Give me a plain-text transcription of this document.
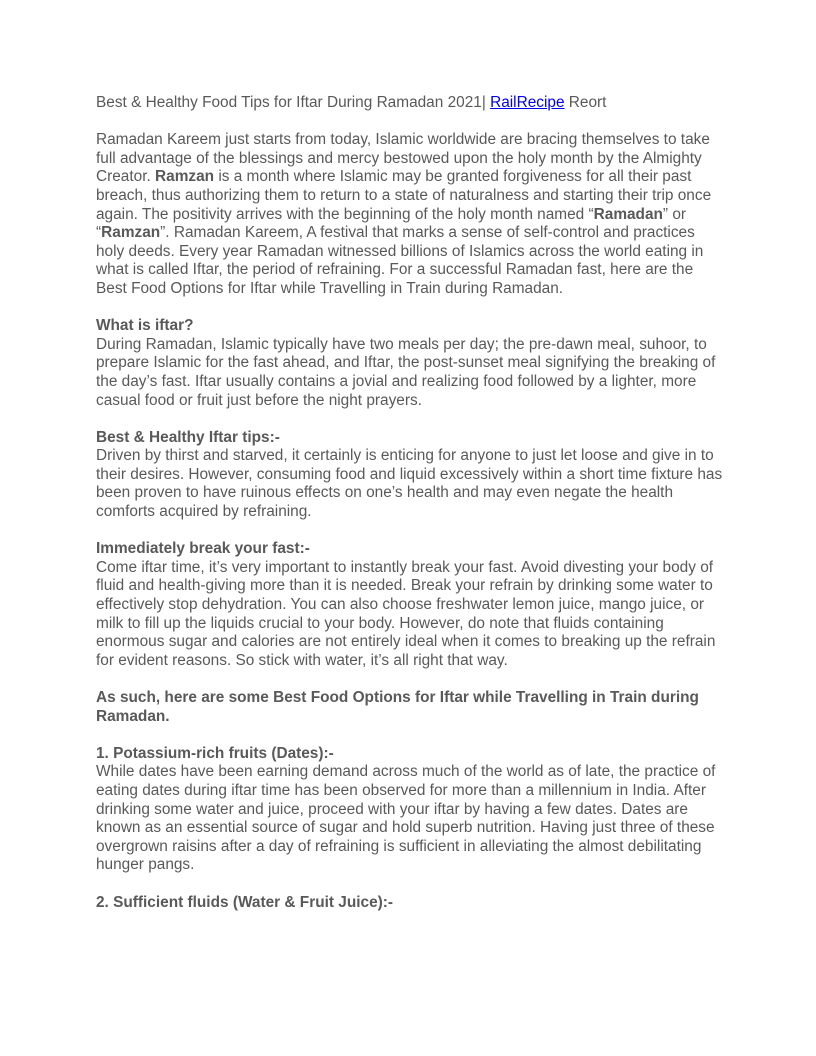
Best & Healthy Food Tips for Iftar During Ramadan 2021| RailRecipe Reort

Ramadan Kareem just starts from today, Islamic worldwide are bracing themselves to take full advantage of the blessings and mercy bestowed upon the holy month by the Almighty Creator. Ramzan is a month where Islamic may be granted forgiveness for all their past breach, thus authorizing them to return to a state of naturalness and starting their trip once again. The positivity arrives with the beginning of the holy month named “Ramadan” or “Ramzan”. Ramadan Kareem, A festival that marks a sense of self-control and practices holy deeds. Every year Ramadan witnessed billions of Islamics across the world eating in what is called Iftar, the period of refraining. For a successful Ramadan fast, here are the Best Food Options for Iftar while Travelling in Train during Ramadan.

What is iftar?

During Ramadan, Islamic typically have two meals per day; the pre-dawn meal, suhoor, to prepare Islamic for the fast ahead, and Iftar, the post-sunset meal signifying the breaking of the day’s fast. Iftar usually contains a jovial and realizing food followed by a lighter, more casual food or fruit just before the night prayers.

Best & Healthy Iftar tips:-

Driven by thirst and starved, it certainly is enticing for anyone to just let loose and give in to their desires. However, consuming food and liquid excessively within a short time fixture has been proven to have ruinous effects on one’s health and may even negate the health comforts acquired by refraining.

Immediately break your fast:-

Come iftar time, it’s very important to instantly break your fast. Avoid divesting your body of fluid and health-giving more than it is needed. Break your refrain by drinking some water to effectively stop dehydration. You can also choose freshwater lemon juice, mango juice, or milk to fill up the liquids crucial to your body. However, do note that fluids containing enormous sugar and calories are not entirely ideal when it comes to breaking up the refrain for evident reasons. So stick with water, it’s all right that way.

As such, here are some Best Food Options for Iftar while Travelling in Train during Ramadan.
1. Potassium-rich fruits (Dates):-

While dates have been earning demand across much of the world as of late, the practice of eating dates during iftar time has been observed for more than a millennium in India. After drinking some water and juice, proceed with your iftar by having a few dates. Dates are known as an essential source of sugar and hold superb nutrition. Having just three of these overgrown raisins after a day of refraining is sufficient in alleviating the almost debilitating hunger pangs.

2. Sufficient fluids (Water & Fruit Juice):-
